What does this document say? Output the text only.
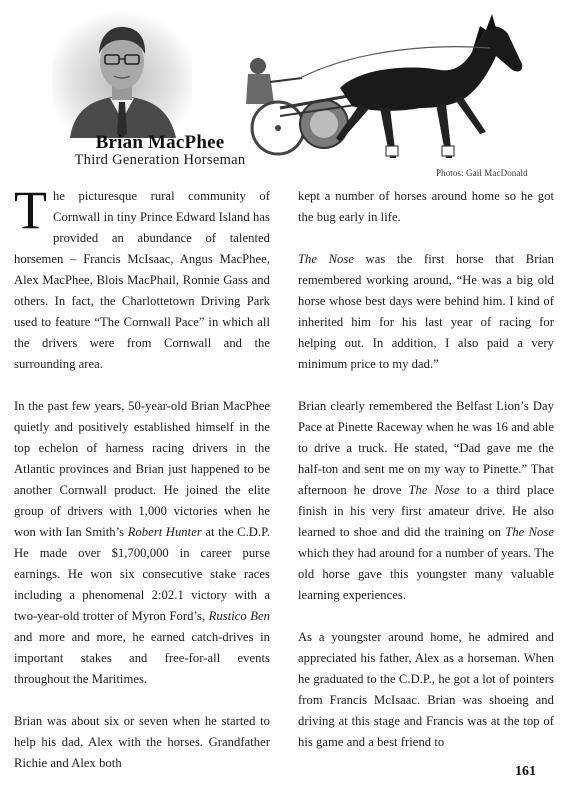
Photos: Gail MacDonald
Brian MacPhee
Third Generation Horseman

The picturesque rural community of Cornwall in tiny Prince Edward Island has provided an abundance of talented horsemen – Francis McIsaac, Angus MacPhee, Alex MacPhee, Blois MacPhail, Ronnie Gass and others. In fact, the Charlottetown Driving Park used to feature “The Cornwall Pace” in which all the drivers were from Cornwall and the surrounding area.

In the past few years, 50-year-old Brian MacPhee quietly and positively established himself in the top echelon of harness racing drivers in the Atlantic provinces and Brian just happened to be another Cornwall product. He joined the elite group of drivers with 1,000 victories when he won with Ian Smith’s Robert Hunter at the C.D.P. He made over $1,700,000 in career purse earnings. He won six consecutive stake races including a phenomenal 2:02.1 victory with a two-year-old trotter of Myron Ford’s, Rustico Ben and more and more, he earned catch-drives in important stakes and free-for-all events throughout the Maritimes.

Brian was about six or seven when he started to help his dad, Alex with the horses. Grandfather Richie and Alex both

kept a number of horses around home so he got the bug early in life.

The Nose was the first horse that Brian remembered working around, “He was a big old horse whose best days were behind him. I kind of inherited him for his last year of racing for helping out. In addition, I also paid a very minimum price to my dad.”

Brian clearly remembered the Belfast Lion’s Day Pace at Pinette Raceway when he was 16 and able to drive a truck. He stated, “Dad gave me the half-ton and sent me on my way to Pinette.” That afternoon he drove The Nose to a third place finish in his very first amateur drive. He also learned to shoe and did the training on The Nose which they had around for a number of years. The old horse gave this youngster many valuable learning experiences.

As a youngster around home, he admired and appreciated his father, Alex as a horseman. When he graduated to the C.D.P., he got a lot of pointers from Francis McIsaac. Brian was shoeing and driving at this stage and Francis was at the top of his game and a best friend to

161
